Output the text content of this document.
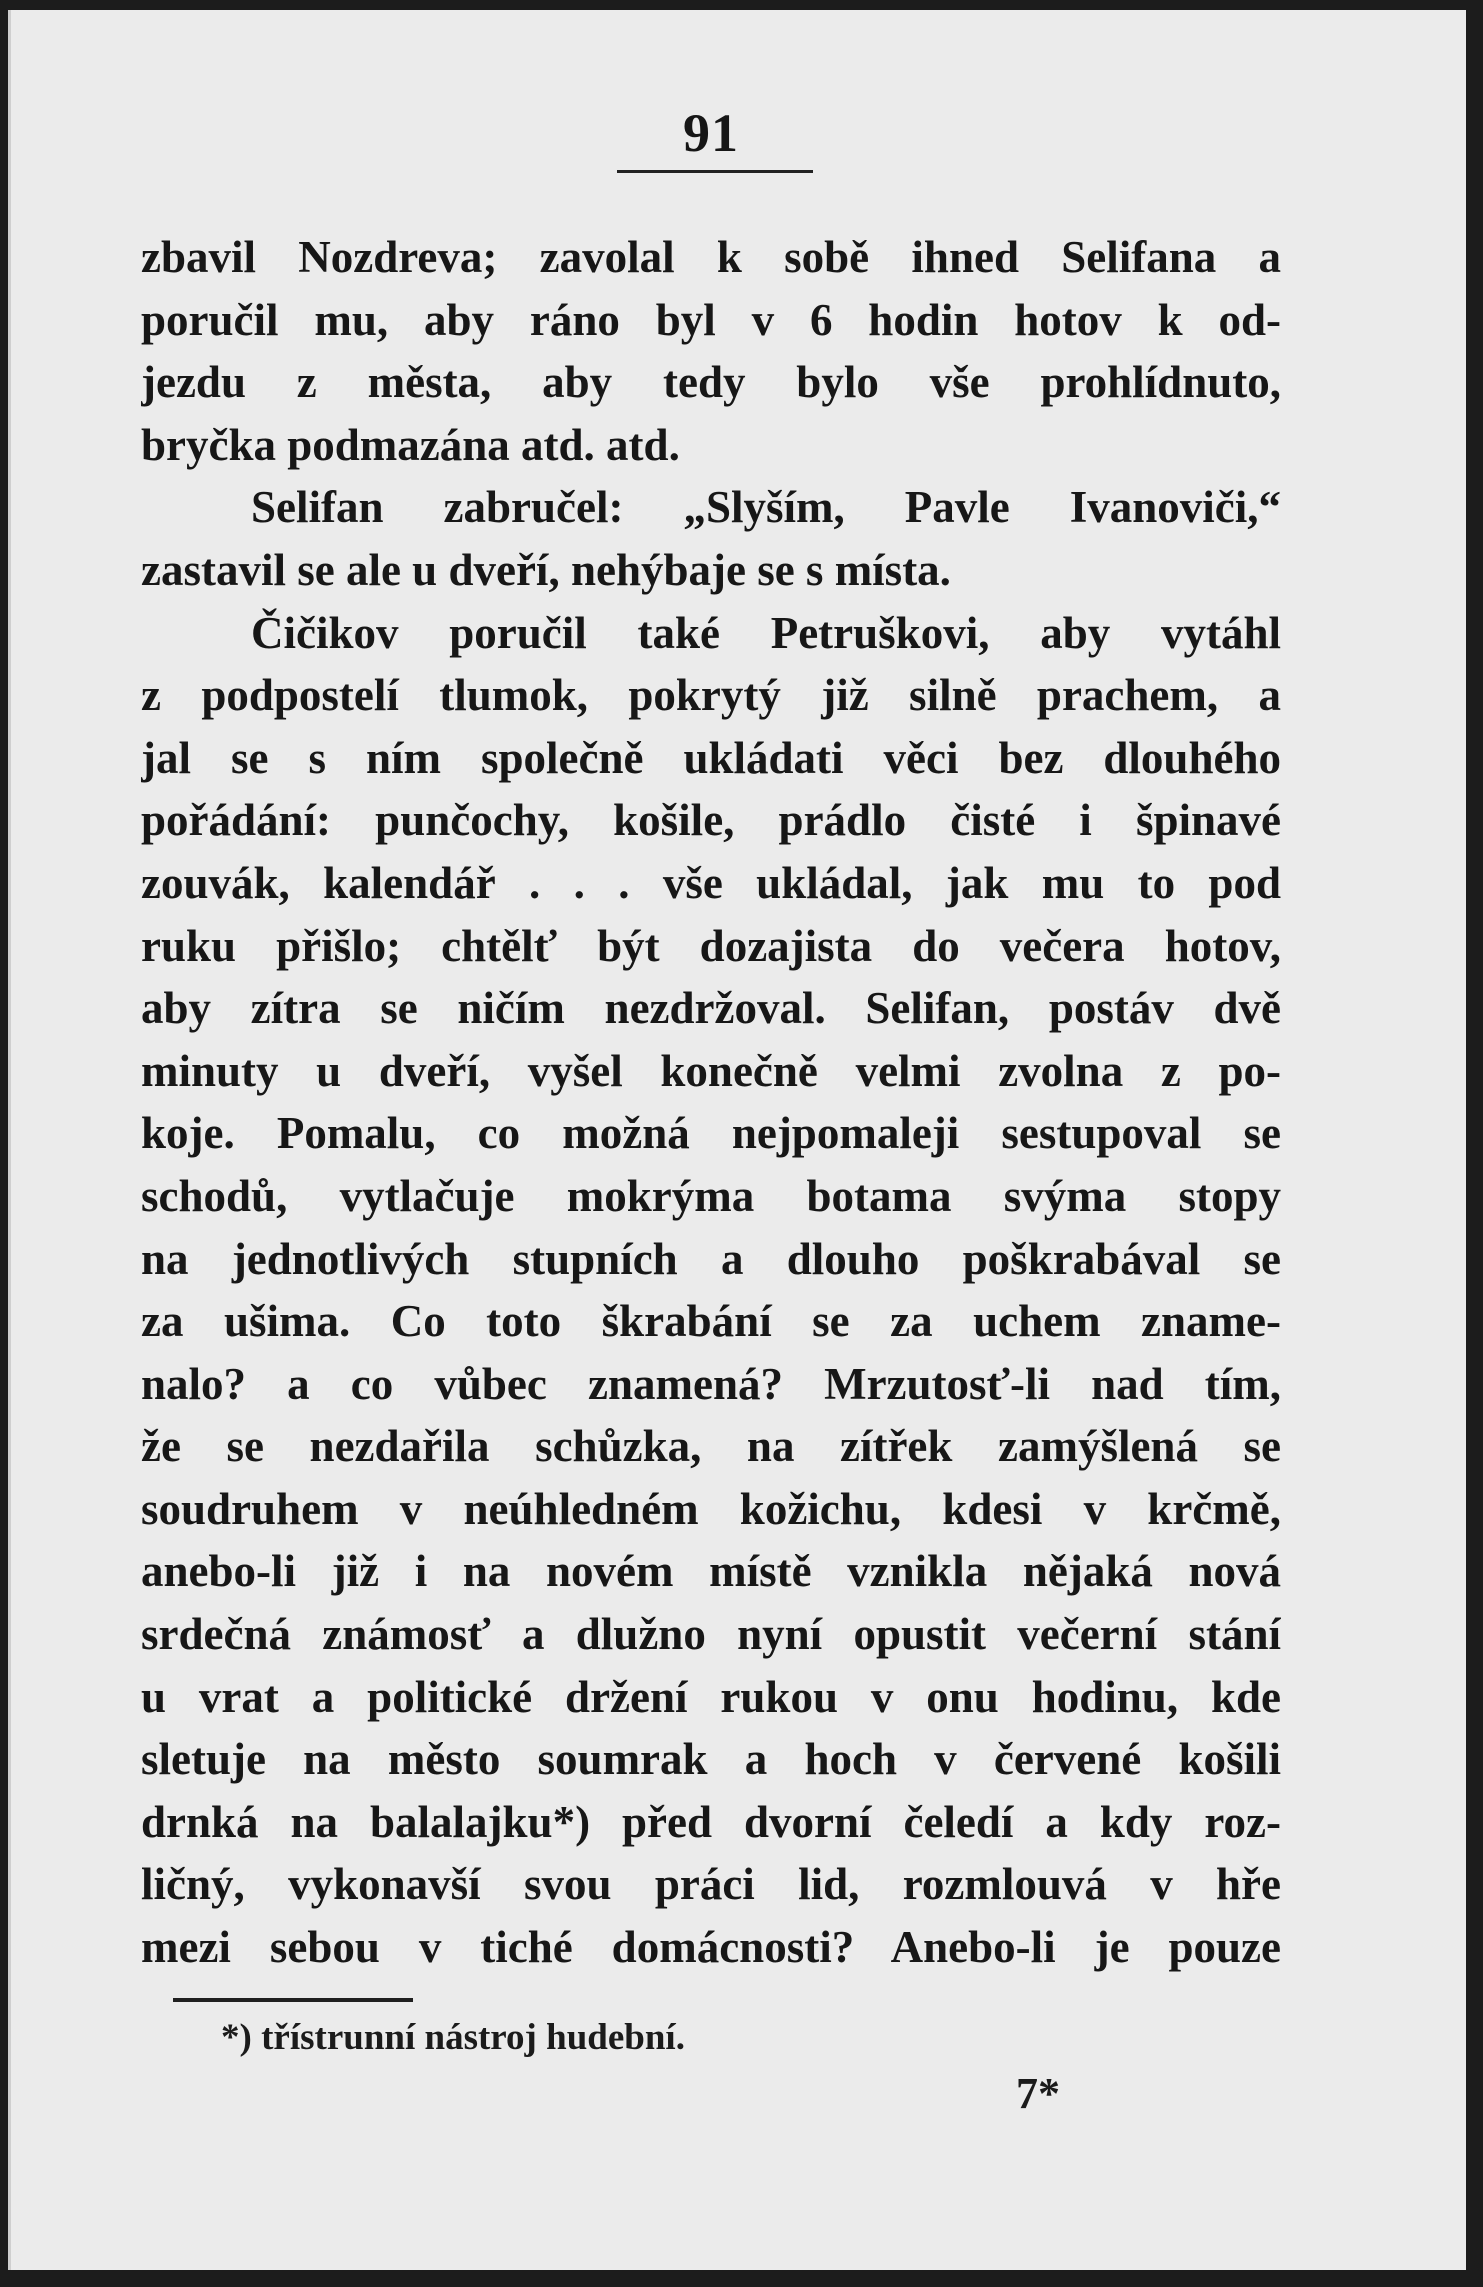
91
zbavil Nozdreva; zavolal k sobě ihned Selifana a
poručil mu, aby ráno byl v 6 hodin hotov k od-
jezdu z města, aby tedy bylo vše prohlídnuto,
bryčka podmazána atd. atd.
Selifan zabručel: „Slyším, Pavle Ivanoviči,“
zastavil se ale u dveří, nehýbaje se s místa.
Čičikov poručil také Petruškovi, aby vytáhl
z podpostelí tlumok, pokrytý již silně prachem, a
jal se s ním společně ukládati věci bez dlouhého
pořádání: punčochy, košile, prádlo čisté i špinavé
zouvák, kalendář . . . vše ukládal, jak mu to pod
ruku přišlo; chtělť být dozajista do večera hotov,
aby zítra se ničím nezdržoval. Selifan, postáv dvě
minuty u dveří, vyšel konečně velmi zvolna z po-
koje. Pomalu, co možná nejpomaleji sestupoval se
schodů, vytlačuje mokrýma botama svýma stopy
na jednotlivých stupních a dlouho poškrabával se
za ušima. Co toto škrabání se za uchem zname-
nalo? a co vůbec znamená? Mrzutosť-li nad tím,
že se nezdařila schůzka, na zítřek zamýšlená se
soudruhem v neúhledném kožichu, kdesi v krčmě,
anebo-li již i na novém místě vznikla nějaká nová
srdečná známosť a dlužno nyní opustit večerní stání
u vrat a politické držení rukou v onu hodinu, kde
sletuje na město soumrak a hoch v červené košili
drnká na balalajku*) před dvorní čeledí a kdy roz-
ličný, vykonavší svou práci lid, rozmlouvá v hře
mezi sebou v tiché domácnosti? Anebo-li je pouze
*) třístrunní nástroj hudební.
7*
